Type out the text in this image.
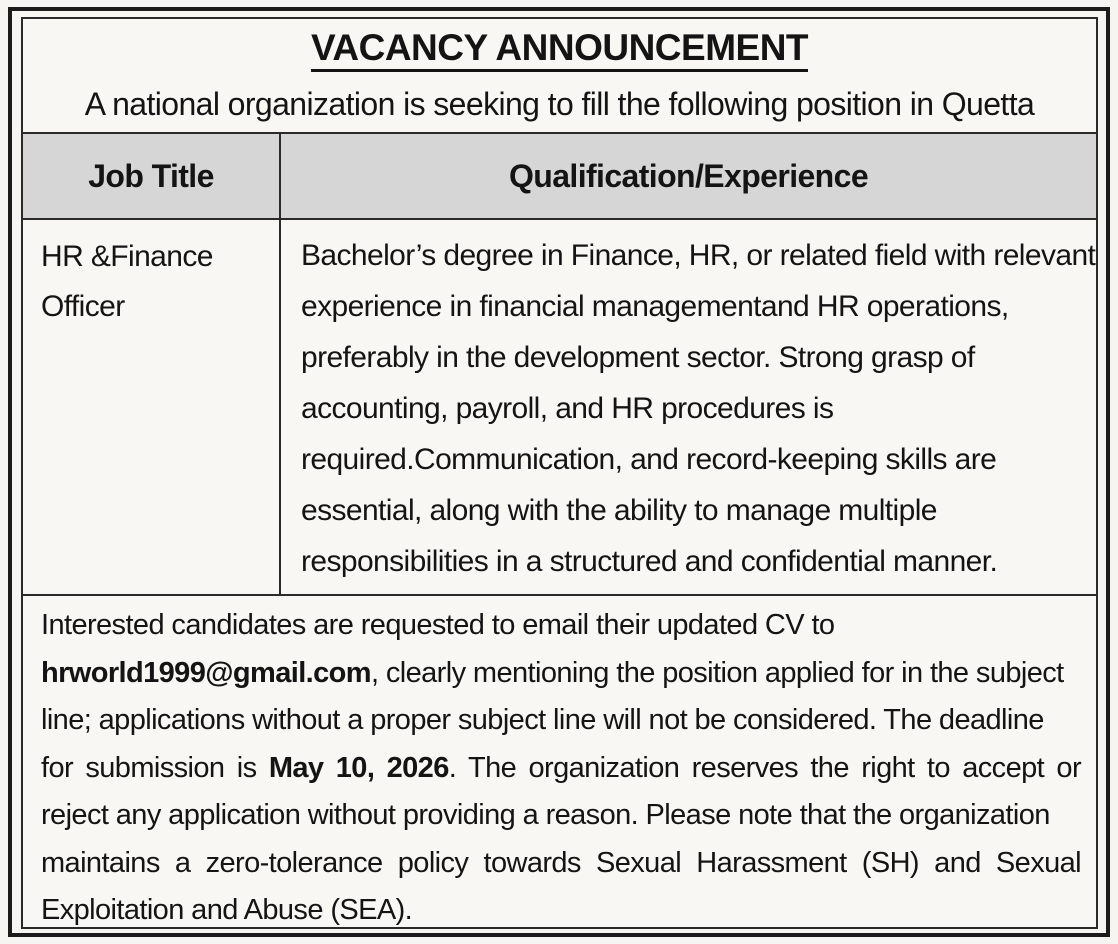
VACANCY ANNOUNCEMENT
A national organization is seeking to fill the following position in Quetta
Job Title	Qualification/Experience
HR &Finance
Officer
Bachelor’s degree in Finance, HR, or related field with relevant
experience in financial managementand HR operations,
preferably in the development sector. Strong grasp of
accounting, payroll, and HR procedures is
required.Communication, and record-keeping skills are
essential, along with the ability to manage multiple
responsibilities in a structured and confidential manner.
Interested candidates are requested to email their updated CV to
hrworld1999@gmail.com, clearly mentioning the position applied for in the subject
line; applications without a proper subject line will not be considered. The deadline
for submission is May 10, 2026. The organization reserves the right to accept or
reject any application without providing a reason. Please note that the organization
maintains a zero-tolerance policy towards Sexual Harassment (SH) and Sexual
Exploitation and Abuse (SEA).
